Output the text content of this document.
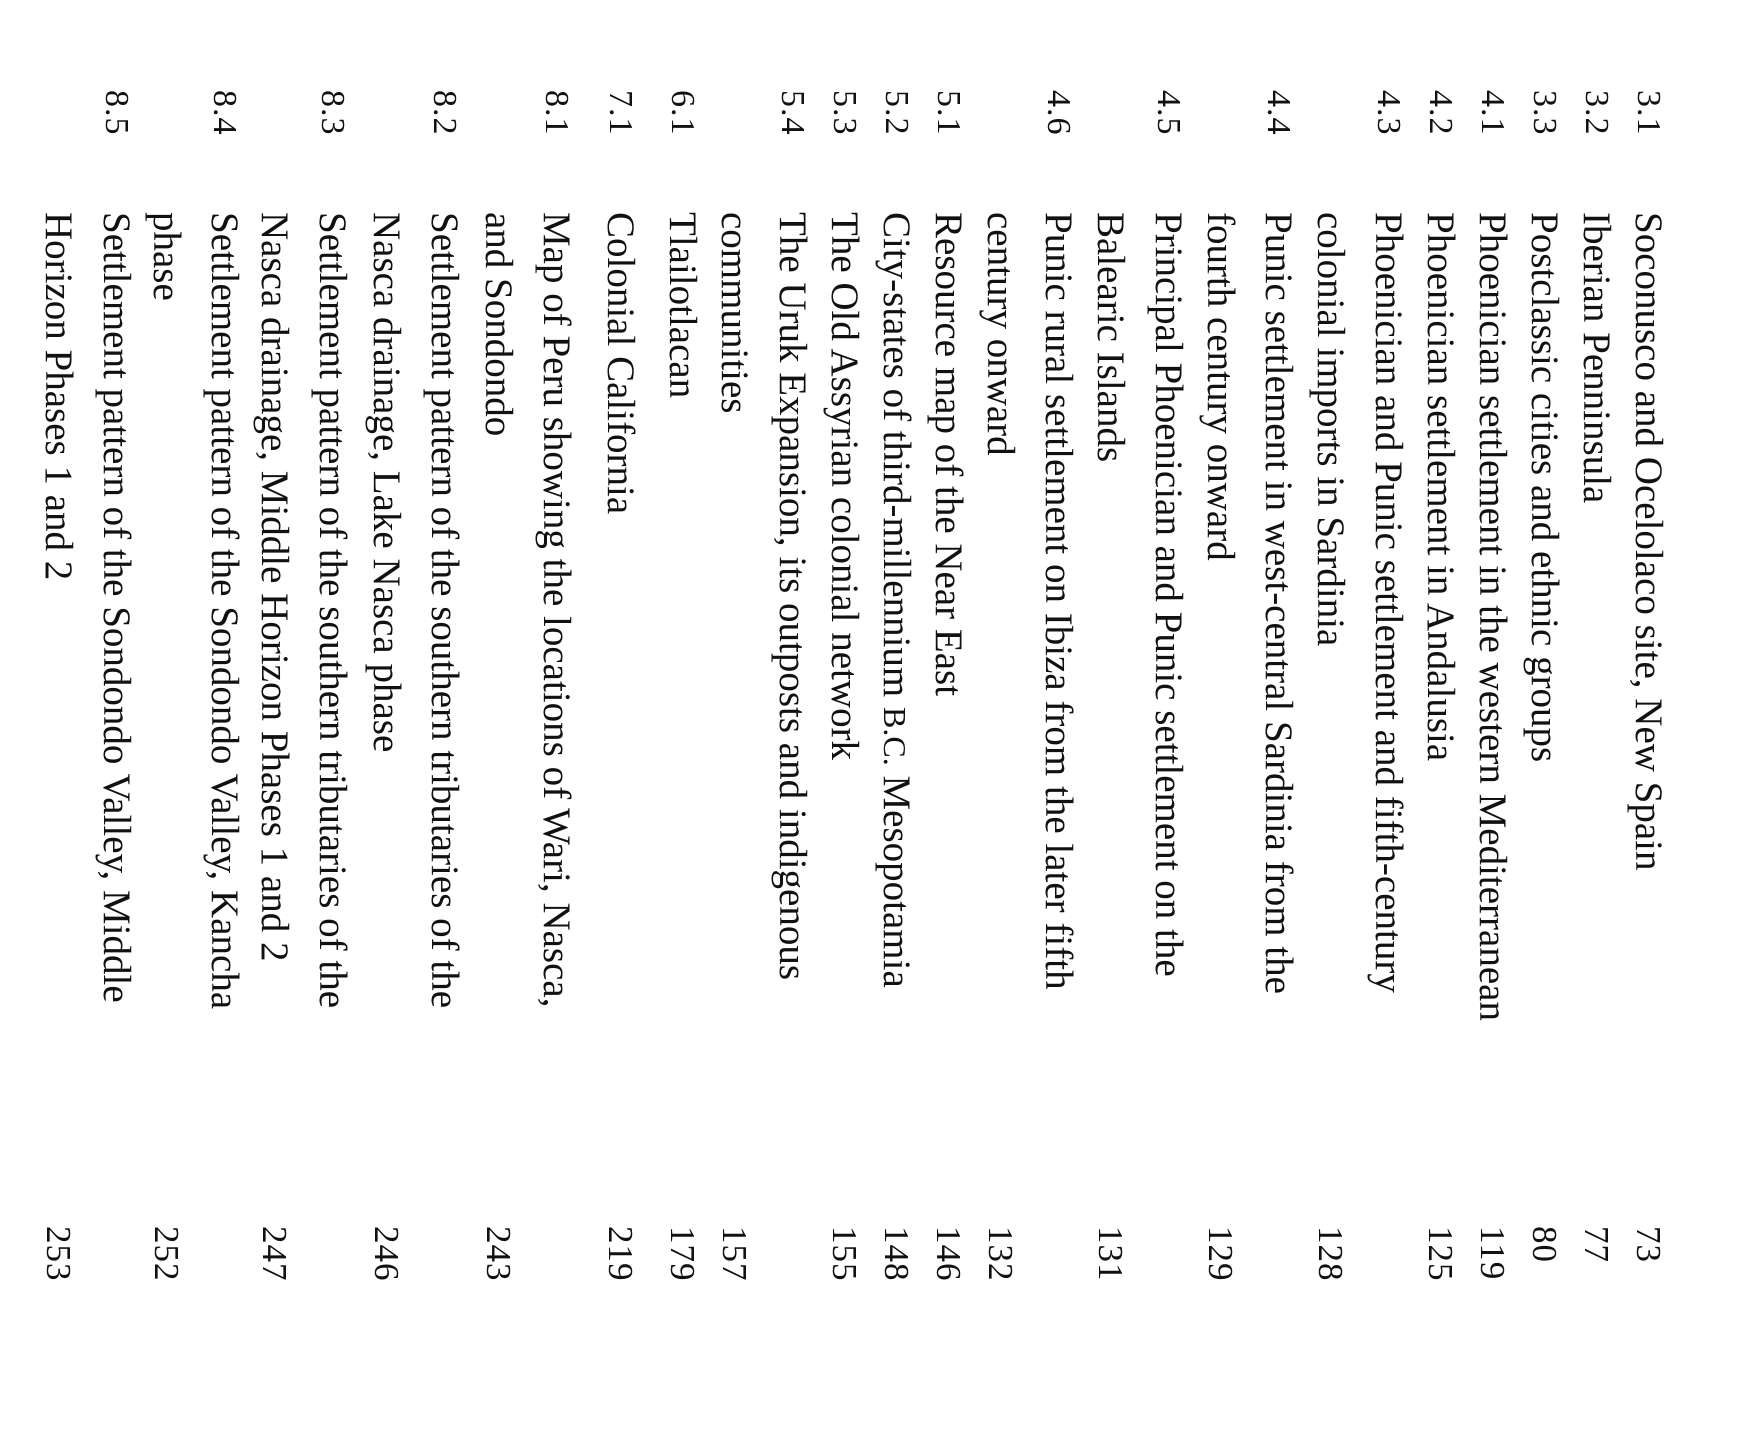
3.1
Soconusco and Ocelolaco site, New Spain
73
3.2
Iberian Penninsula
77
3.3
Postclassic cities and ethnic groups
80
4.1
Phoenician settlement in the western Mediterranean
119
4.2
Phoenician settlement in Andalusia
125
4.3
Phoenician and Punic settlement and fifth-century
colonial imports in Sardinia
128
4.4
Punic settlement in west-central Sardinia from the
fourth century onward
129
4.5
Principal Phoenician and Punic settlement on the
Balearic Islands
131
4.6
Punic rural settlement on Ibiza from the later fifth
century onward
132
5.1
Resource map of the Near East
146
5.2
City-states of third-millennium B.C. Mesopotamia
148
5.3
The Old Assyrian colonial network
155
5.4
The Uruk Expansion, its outposts and indigenous
communities
157
6.1
Tlailotlacan
179
7.1
Colonial California
219
8.1
Map of Peru showing the locations of Wari, Nasca,
and Sondondo
243
8.2
Settlement pattern of the southern tributaries of the
Nasca drainage, Lake Nasca phase
246
8.3
Settlement pattern of the southern tributaries of the
Nasca drainage, Middle Horizon Phases 1 and 2
247
8.4
Settlement pattern of the Sondondo Valley, Kancha
phase
252
8.5
Settlement pattern of the Sondondo Valley, Middle
Horizon Phases 1 and 2
253
